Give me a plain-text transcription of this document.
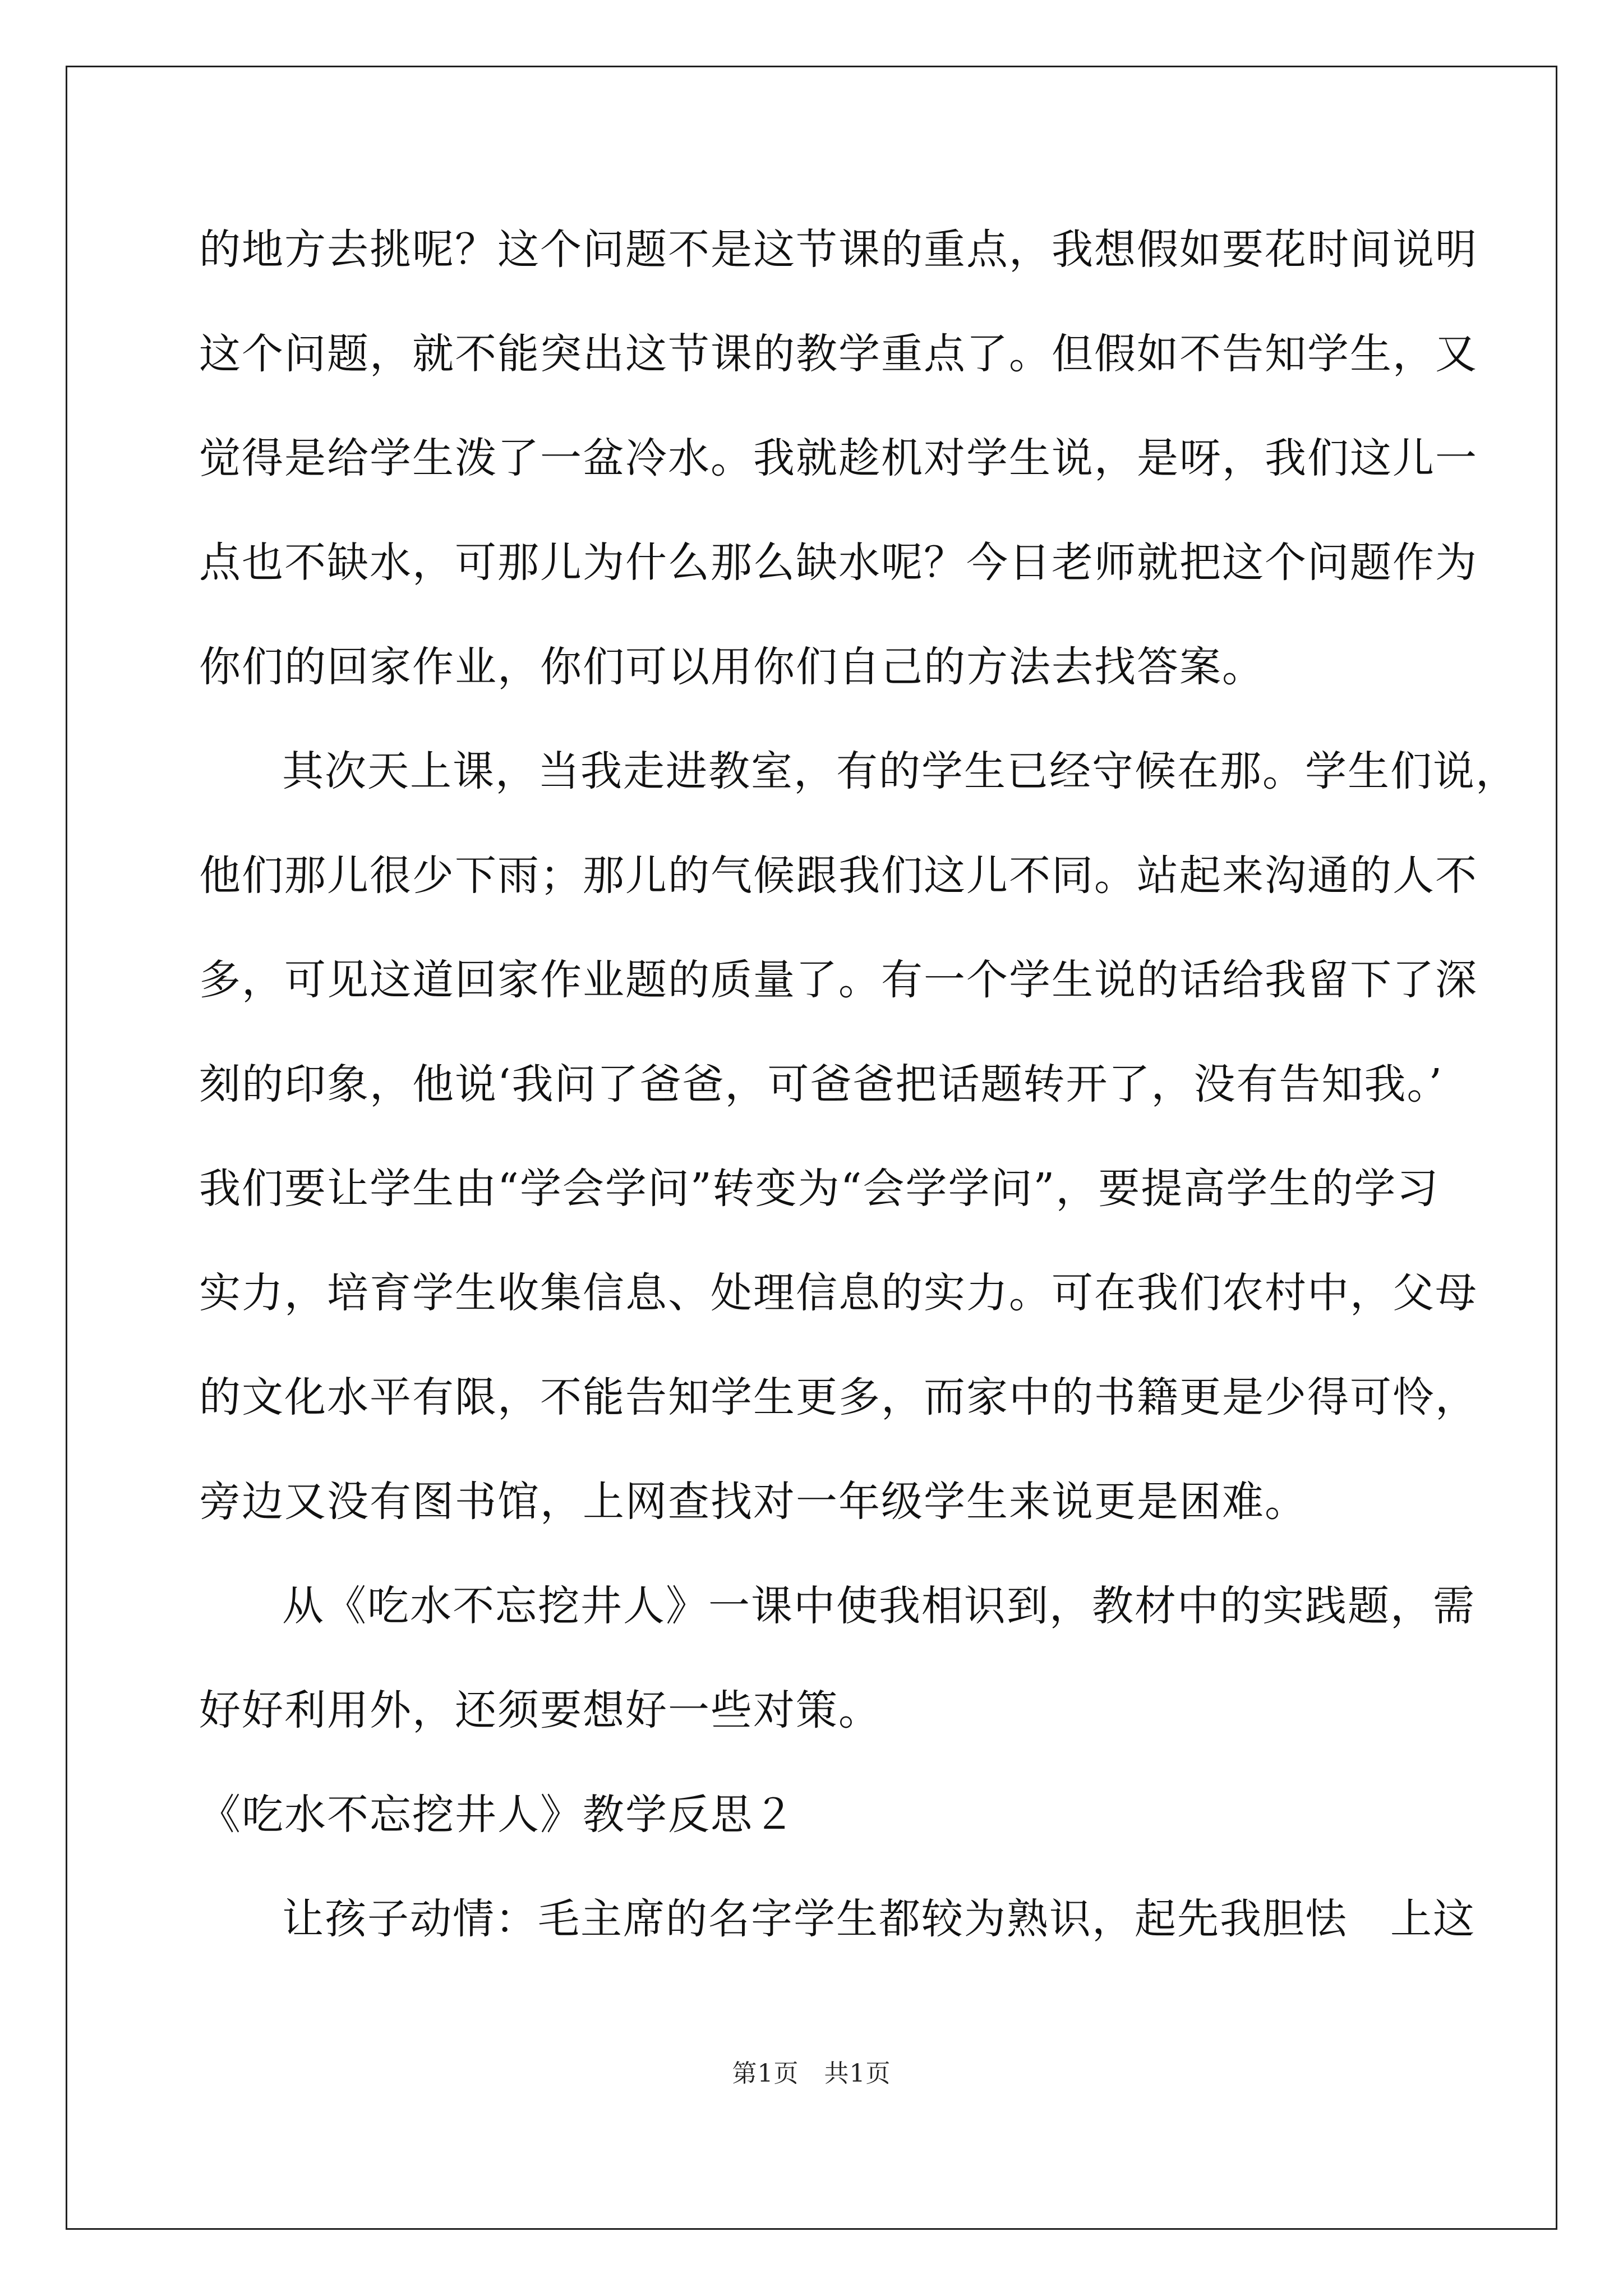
的地方去挑呢？这个问题不是这节课的重点，我想假如要花时间说明
这个问题，就不能突出这节课的教学重点了。但假如不告知学生，又
觉得是给学生泼了一盆冷水。我就趁机对学生说，是呀，我们这儿一
点也不缺水，可那儿为什么那么缺水呢？今日老师就把这个问题作为
你们的回家作业，你们可以用你们自己的方法去找答案。
其次天上课，当我走进教室，有的学生已经守候在那。学生们说，
他们那儿很少下雨；那儿的气候跟我们这儿不同。站起来沟通的人不
多，可见这道回家作业题的质量了。有一个学生说的话给我留下了深
刻的印象，他说‘我问了爸爸，可爸爸把话题转开了，没有告知我。’
我们要让学生由“学会学问”转变为“会学学问”，要提高学生的学习
实力，培育学生收集信息、处理信息的实力。可在我们农村中，父母
的文化水平有限，不能告知学生更多，而家中的书籍更是少得可怜，
旁边又没有图书馆，上网查找对一年级学生来说更是困难。
从《吃水不忘挖井人》一课中使我相识到，教材中的实践题，需
好好利用外，还须要想好一些对策。
《吃水不忘挖井人》教学反思２
让孩子动情：毛主席的名字学生都较为熟识，起先我胆怯　上这
第1页　共1页
